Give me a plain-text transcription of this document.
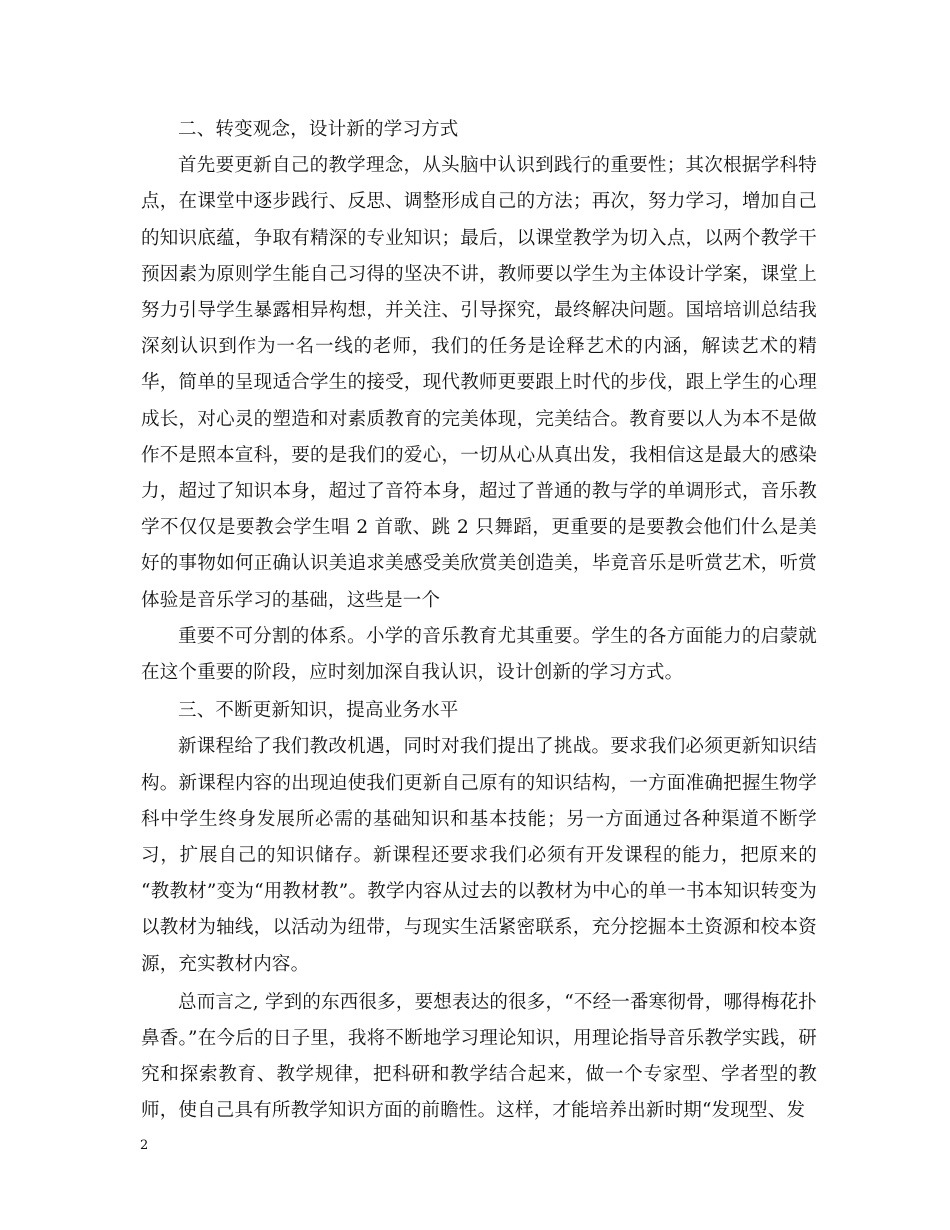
二、转变观念，设计新的学习方式

首先要更新自己的教学理念，从头脑中认识到践行的重要性；其次根据学科特点，在课堂中逐步践行、反思、调整形成自己的方法；再次，努力学习，增加自己的知识底蕴，争取有精深的专业知识；最后，以课堂教学为切入点，以两个教学干预因素为原则学生能自己习得的坚决不讲，教师要以学生为主体设计学案，课堂上努力引导学生暴露相异构想，并关注、引导探究，最终解决问题。国培培训总结我深刻认识到作为一名一线的老师，我们的任务是诠释艺术的内涵，解读艺术的精华，简单的呈现适合学生的接受，现代教师更要跟上时代的步伐，跟上学生的心理成长，对心灵的塑造和对素质教育的完美体现，完美结合。教育要以人为本不是做作不是照本宣科，要的是我们的爱心，一切从心从真出发，我相信这是最大的感染力，超过了知识本身，超过了音符本身，超过了普通的教与学的单调形式，音乐教学不仅仅是要教会学生唱 2 首歌、跳 2 只舞蹈，更重要的是要教会他们什么是美好的事物如何正确认识美追求美感受美欣赏美创造美，毕竟音乐是听赏艺术，听赏体验是音乐学习的基础，这些是一个

重要不可分割的体系。小学的音乐教育尤其重要。学生的各方面能力的启蒙就在这个重要的阶段，应时刻加深自我认识，设计创新的学习方式。

三、不断更新知识，提高业务水平

新课程给了我们教改机遇，同时对我们提出了挑战。要求我们必须更新知识结构。新课程内容的出现迫使我们更新自己原有的知识结构，一方面准确把握生物学科中学生终身发展所必需的基础知识和基本技能；另一方面通过各种渠道不断学习，扩展自己的知识储存。新课程还要求我们必须有开发课程的能力，把原来的 “教教材”变为“用教材教”。教学内容从过去的以教材为中心的单一书本知识转变为以教材为轴线，以活动为纽带，与现实生活紧密联系，充分挖掘本土资源和校本资源，充实教材内容。

总而言之, 学到的东西很多，要想表达的很多，“不经一番寒彻骨，哪得梅花扑鼻香。”在今后的日子里，我将不断地学习理论知识，用理论指导音乐教学实践，研究和探索教育、教学规律，把科研和教学结合起来，做一个专家型、学者型的教师，使自己具有所教学知识方面的前瞻性。这样，才能培养出新时期“发现型、发

2
